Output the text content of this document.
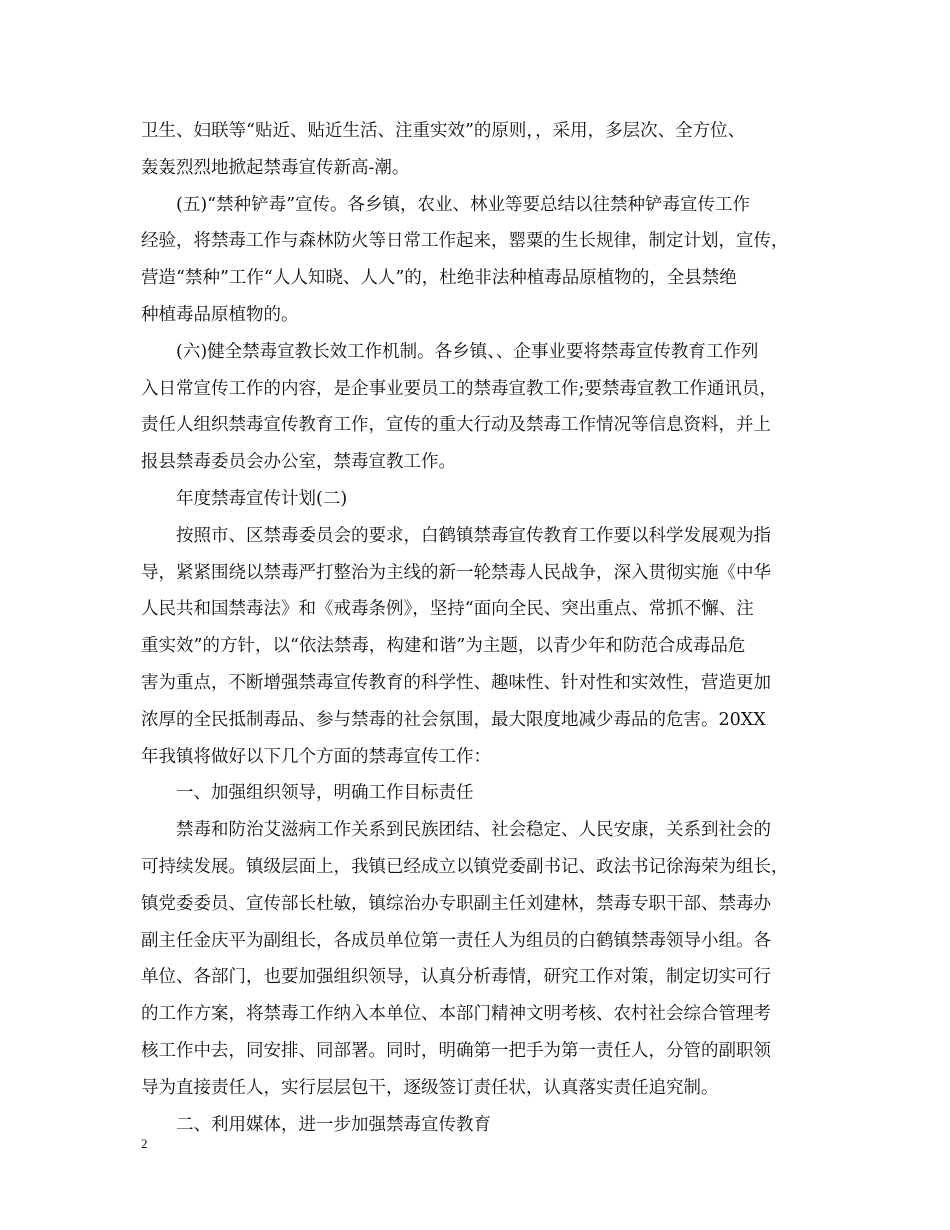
卫生、妇联等“贴近、贴近生活、注重实效”的原则，，采用，多层次、全方位、
轰轰烈烈地掀起禁毒宣传新高-潮。
(五)“禁种铲毒”宣传。各乡镇，农业、林业等要总结以往禁种铲毒宣传工作
经验，将禁毒工作与森林防火等日常工作起来，罂粟的生长规律，制定计划，宣传，
营造“禁种”工作“人人知晓、人人”的，杜绝非法种植毒品原植物的，全县禁绝
种植毒品原植物的。
(六)健全禁毒宣教长效工作机制。各乡镇、、企事业要将禁毒宣传教育工作列
入日常宣传工作的内容，是企事业要员工的禁毒宣教工作;要禁毒宣教工作通讯员，
责任人组织禁毒宣传教育工作，宣传的重大行动及禁毒工作情况等信息资料，并上
报县禁毒委员会办公室，禁毒宣教工作。
年度禁毒宣传计划(二)
按照市、区禁毒委员会的要求，白鹤镇禁毒宣传教育工作要以科学发展观为指
导，紧紧围绕以禁毒严打整治为主线的新一轮禁毒人民战争，深入贯彻实施《中华
人民共和国禁毒法》和《戒毒条例》，坚持“面向全民、突出重点、常抓不懈、注
重实效”的方针，以“依法禁毒，构建和谐”为主题，以青少年和防范合成毒品危
害为重点，不断增强禁毒宣传教育的科学性、趣味性、针对性和实效性，营造更加
浓厚的全民抵制毒品、参与禁毒的社会氛围，最大限度地减少毒品的危害。20XX
年我镇将做好以下几个方面的禁毒宣传工作：
一、加强组织领导，明确工作目标责任
禁毒和防治艾滋病工作关系到民族团结、社会稳定、人民安康，关系到社会的
可持续发展。镇级层面上，我镇已经成立以镇党委副书记、政法书记徐海荣为组长，
镇党委委员、宣传部长杜敏，镇综治办专职副主任刘建林，禁毒专职干部、禁毒办
副主任金庆平为副组长，各成员单位第一责任人为组员的白鹤镇禁毒领导小组。各
单位、各部门，也要加强组织领导，认真分析毒情，研究工作对策，制定切实可行
的工作方案，将禁毒工作纳入本单位、本部门精神文明考核、农村社会综合管理考
核工作中去，同安排、同部署。同时，明确第一把手为第一责任人，分管的副职领
导为直接责任人，实行层层包干，逐级签订责任状，认真落实责任追究制。
二、利用媒体，进一步加强禁毒宣传教育
2
